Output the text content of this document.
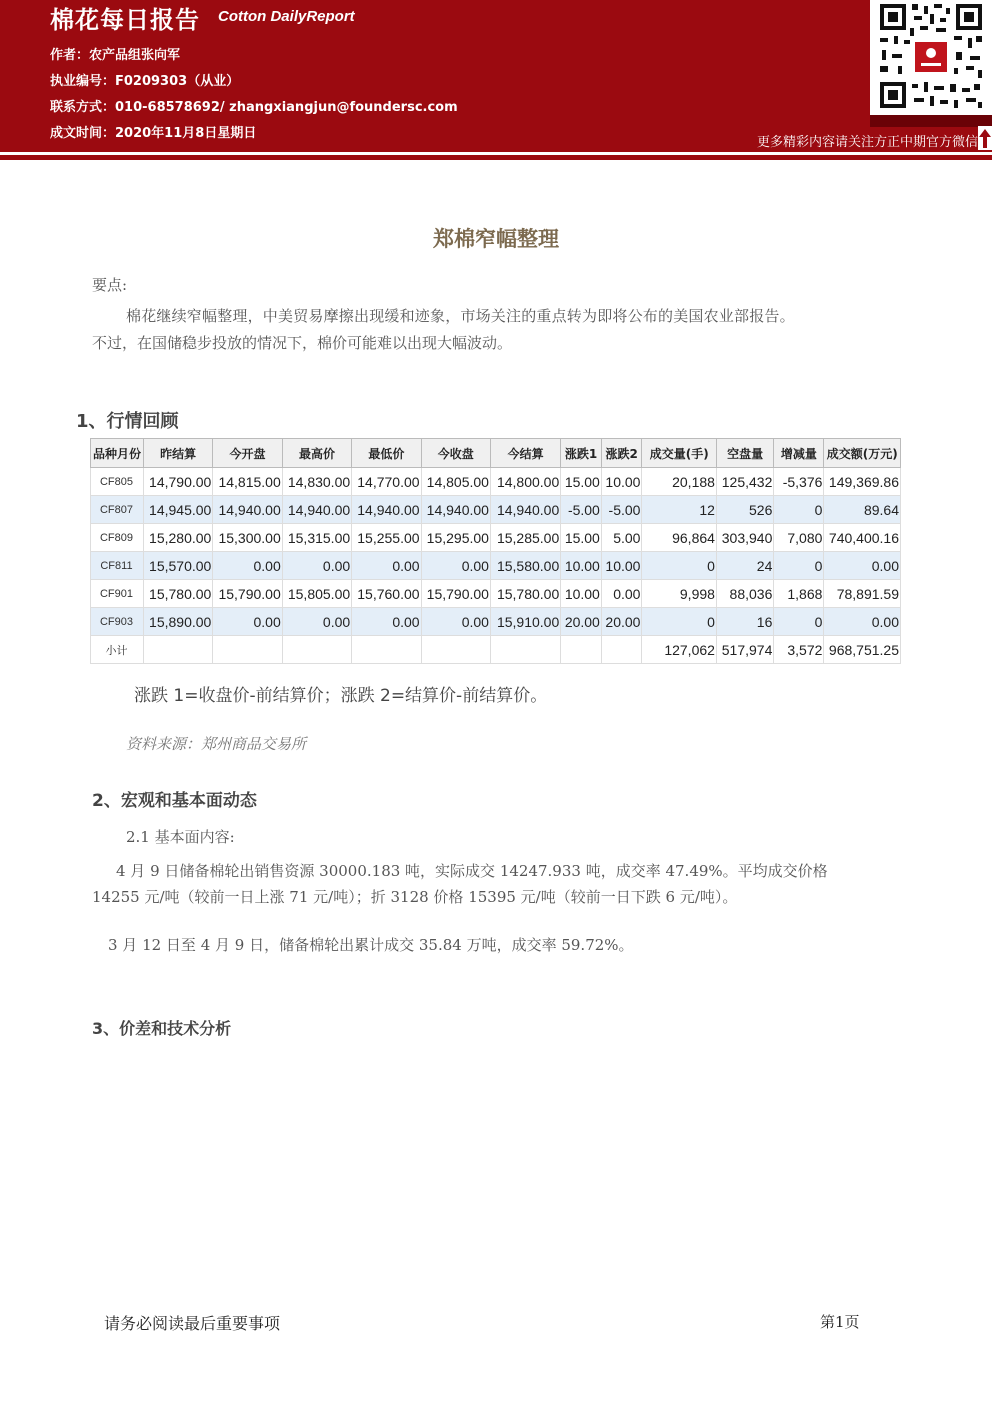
棉花每日报告 Cotton DailyReport
作者：农产品组张向军
执业编号：F0209303（从业）
联系方式：010-68578692/ zhangxiangjun@foundersc.com
成文时间：2020年11月8日星期日
更多精彩内容请关注方正中期官方微信
郑棉窄幅整理
要点:
棉花继续窄幅整理，中美贸易摩擦出现缓和迹象，市场关注的重点转为即将公布的美国农业部报告。
不过，在国储稳步投放的情况下，棉价可能难以出现大幅波动。
1、行情回顾
品种月份	昨结算	今开盘	最高价	最低价	今收盘	今结算	涨跌1	涨跌2	成交量(手)	空盘量	增减量	成交额(万元)
CF805	14,790.00	14,815.00	14,830.00	14,770.00	14,805.00	14,800.00	15.00	10.00	20,188	125,432	-5,376	149,369.86
CF807	14,945.00	14,940.00	14,940.00	14,940.00	14,940.00	14,940.00	-5.00	-5.00	12	526	0	89.64
CF809	15,280.00	15,300.00	15,315.00	15,255.00	15,295.00	15,285.00	15.00	5.00	96,864	303,940	7,080	740,400.16
CF811	15,570.00	0.00	0.00	0.00	0.00	15,580.00	10.00	10.00	0	24	0	0.00
CF901	15,780.00	15,790.00	15,805.00	15,760.00	15,790.00	15,780.00	10.00	0.00	9,998	88,036	1,868	78,891.59
CF903	15,890.00	0.00	0.00	0.00	0.00	15,910.00	20.00	20.00	0	16	0	0.00
小计									127,062	517,974	3,572	968,751.25
涨跌 1=收盘价-前结算价；涨跌 2=结算价-前结算价。
资料来源：郑州商品交易所
2、宏观和基本面动态
2.1 基本面内容:
4 月 9 日储备棉轮出销售资源 30000.183 吨，实际成交 14247.933 吨，成交率 47.49%。平均成交价格
14255 元/吨（较前一日上涨 71 元/吨）；折 3128 价格 15395 元/吨（较前一日下跌 6 元/吨）。
3 月 12 日至 4 月 9 日，储备棉轮出累计成交 35.84 万吨，成交率 59.72%。
3、价差和技术分析
请务必阅读最后重要事项	第1页
